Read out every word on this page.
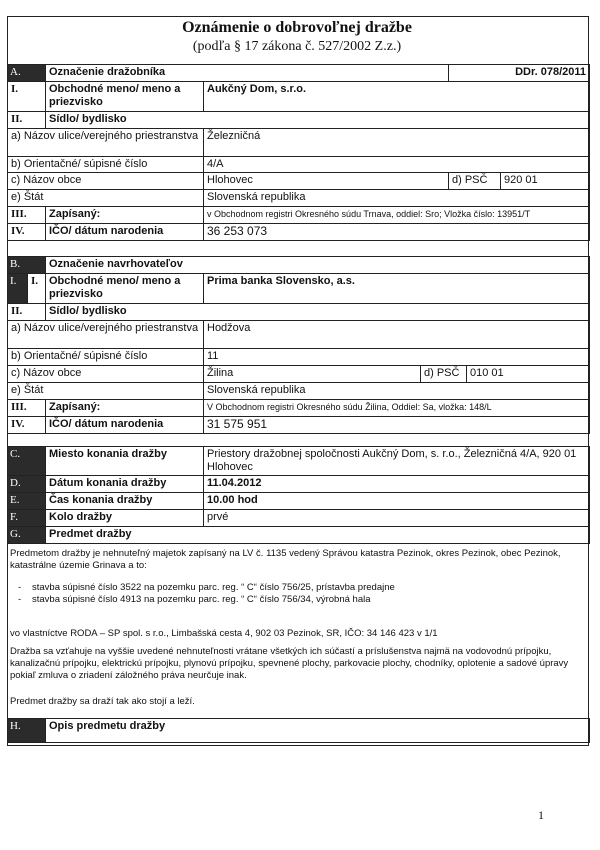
Oznámenie o dobrovoľnej dražbe
(podľa § 17 zákona č. 527/2002 Z.z.)
A.	Označenie dražobníka		DDr. 078/2011	
I.	Obchodné meno/ meno a priezvisko	Aukčný Dom, s.r.o.		
II.	Sídlo/ bydlisko			
a) Názov ulice/verejného priestranstva		Železničná		
b) Orientačné/ súpisné číslo		4/A		
c) Názov obce		Hlohovec	d) PSČ	920 01
e) Štát		Slovenská republika		
III.	Zapísaný:	v Obchodnom registri Okresného súdu Trnava, oddiel: Sro; Vložka číslo: 13951/T		
IV.	IČO/ dátum narodenia	36 253 073		
B.		Označenie navrhovateľov			
I.	I.	Obchodné meno/ meno a priezvisko	Prima banka Slovensko, a.s.		
II.		Sídlo/ bydlisko			
a) Názov ulice/verejného priestranstva			Hodžova		
b) Orientačné/ súpisné číslo			11		
c) Názov obce			Žilina	d) PSČ	010 01
e) Štát			Slovenská republika		
III.		Zapísaný:	V Obchodnom registri Okresného súdu Žilina, Oddiel: Sa, vložka: 148/L		
IV.		IČO/ dátum narodenia	31 575 951		
C.	Miesto konania dražby	Priestory dražobnej spoločnosti Aukčný Dom, s. r.o., Železničná 4/A, 920 01 Hlohovec
D.	Dátum konania dražby	11.04.2012
E.	Čas konania dražby	10.00 hod
F.	Kolo dražby	prvé
G.	Predmet dražby	
Predmetom dražby je nehnuteľný majetok zapísaný na LV č. 1135 vedený Správou katastra Pezinok, okres Pezinok, obec Pezinok, katastrálne územie Grinava a to:
- stavba súpisné číslo 3522 na pozemku parc. reg. “ C“ číslo 756/25, prístavba predajne
- stavba súpisné číslo 4913 na pozemku parc. reg. “ C“ číslo 756/34, výrobná hala
vo vlastníctve RODA – SP spol. s r.o., Limbašská cesta 4, 902 03 Pezinok, SR, IČO: 34 146 423 v 1/1
Dražba sa vzťahuje na vyššie uvedené nehnuteľnosti vrátane všetkých ich súčastí a príslušenstva najmä na vodovodnú prípojku, kanalizačnú prípojku, elektrickú prípojku, plynovú prípojku, spevnené plochy, parkovacie plochy, chodníky, oplotenie a sadové úpravy pokiaľ zmluva o zriadení záložného práva neurčuje inak.
Predmet dražby sa draží tak ako stojí a leží.
H.	Opis predmetu dražby
1
